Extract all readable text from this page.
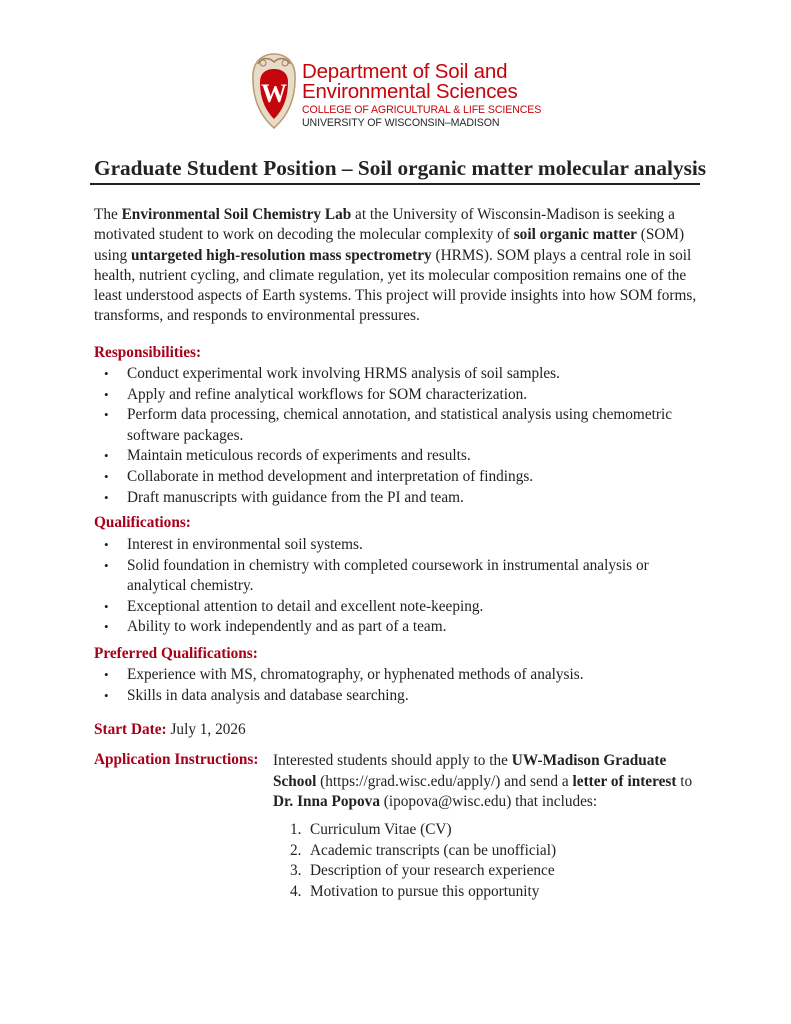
W
Department of Soil and
Environmental Sciences
COLLEGE OF AGRICULTURAL & LIFE SCIENCES
UNIVERSITY OF WISCONSIN–MADISON
Graduate Student Position – Soil organic matter molecular analysis

The Environmental Soil Chemistry Lab at the University of Wisconsin-Madison is seeking a motivated student to work on decoding the molecular complexity of soil organic matter (SOM) using untargeted high-resolution mass spectrometry (HRMS). SOM plays a central role in soil health, nutrient cycling, and climate regulation, yet its molecular composition remains one of the least understood aspects of Earth systems. This project will provide insights into how SOM forms, transforms, and responds to environmental pressures.

Responsibilities:
• Conduct experimental work involving HRMS analysis of soil samples.
• Apply and refine analytical workflows for SOM characterization.
• Perform data processing, chemical annotation, and statistical analysis using chemometric software packages.
• Maintain meticulous records of experiments and results.
• Collaborate in method development and interpretation of findings.
• Draft manuscripts with guidance from the PI and team.
Qualifications:
• Interest in environmental soil systems.
• Solid foundation in chemistry with completed coursework in instrumental analysis or analytical chemistry.
• Exceptional attention to detail and excellent note-keeping.
• Ability to work independently and as part of a team.
Preferred Qualifications:
• Experience with MS, chromatography, or hyphenated methods of analysis.
• Skills in data analysis and database searching.
Start Date: July 1, 2026
Application Instructions: Interested students should apply to the UW-Madison Graduate School (https://grad.wisc.edu/apply/) and send a letter of interest to Dr. Inna Popova (ipopova@wisc.edu) that includes:
1. Curriculum Vitae (CV)
2. Academic transcripts (can be unofficial)
3. Description of your research experience
4. Motivation to pursue this opportunity
